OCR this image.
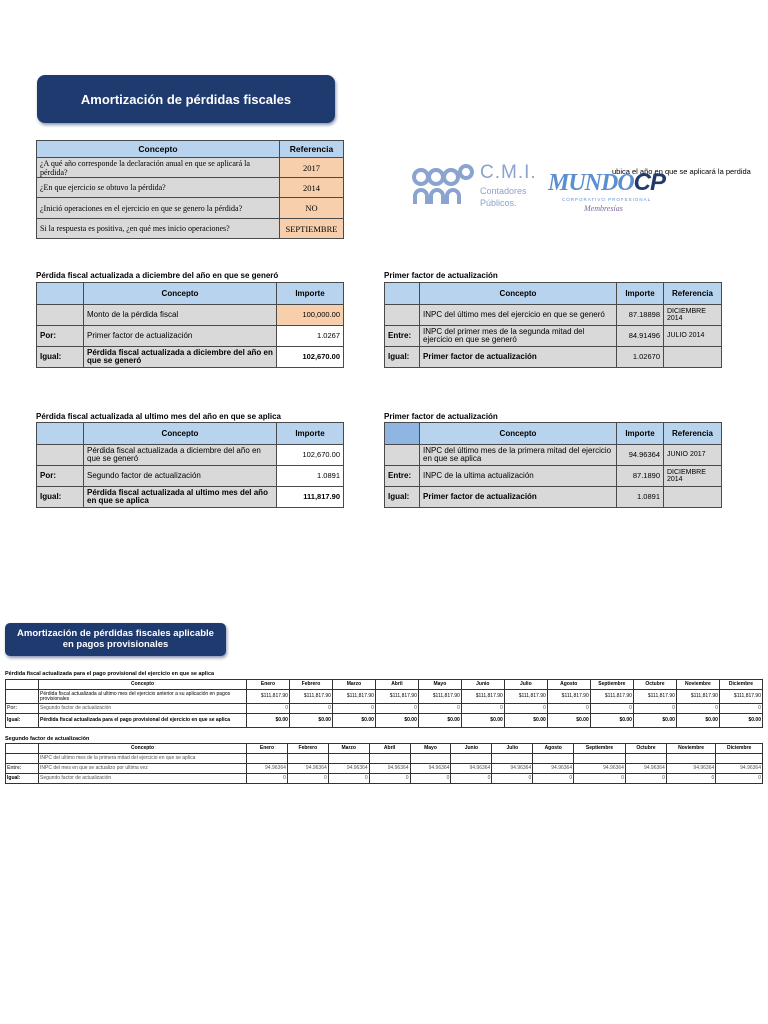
Amortización de pérdidas fiscales
Concepto	Referencia
¿A qué año corresponde la declaración anual en que se aplicará la pérdida?	2017
¿En que ejercicio se obtuvo la pérdida?	2014
¿Inició operaciones en el ejercicio en que se genero la pérdida?	NO
Si la respuesta es positiva, ¿en qué mes inicio operaciones?	SEPTIEMBRE
C.M.I.
Contadores
Públicos.
MUNDOCP
CORPORATIVO PROFESIONAL
Membresías
ubica el año en que se aplicará la perdida
Pérdida fiscal actualizada a diciembre del año en que se generó
	Concepto	Importe
	Monto de la pérdida fiscal	100,000.00
Por:	Primer factor de actualización	1.0267
Igual:	Pérdida fiscal actualizada a diciembre del año en que se generó	102,670.00
Primer factor de actualización
	Concepto	Importe	Referencia
	INPC del último mes del ejercicio en que se generó	87.18898	DICIEMBRE 2014
Entre:	INPC del primer mes de la segunda mitad del ejercicio en que se generó	84.91496	JULIO 2014
Igual:	Primer factor de actualización	1.02670	
Pérdida fiscal actualizada al ultimo mes del año en que se aplica
	Concepto	Importe
	Pérdida fiscal actualizada a diciembre del año en que se generó	102,670.00
Por:	Segundo factor de actualización	1.0891
Igual:	Pérdida fiscal actualizada al ultimo mes del año en que se aplica	111,817.90
Primer factor de actualización
	Concepto	Importe	Referencia
	INPC del último mes de la primera mitad del ejercicio en que se aplica	94.96364	JUNIO 2017
Entre:	INPC de la ultima actualización	87.1890	DICIEMBRE 2014
Igual:	Primer factor de actualización	1.0891	
Amortización de pérdidas fiscales aplicable
en pagos provisionales
Pérdida fiscal actualizada para el pago provisional del ejercicio en que se aplica
	Concepto	Enero	Febrero	Marzo	Abril	Mayo	Junio	Julio	Agosto	Septiembre	Octubre	Noviembre	Diciembre
	Pérdida fiscal actualizada al ultimo mes del ejercicio anterior a su aplicación en pagos provisionales	$111,817.90	$111,817.90	$111,817.90	$111,817.90	$111,817.90	$111,817.90	$111,817.90	$111,817.90	$111,817.90	$111,817.90	$111,817.90	$111,817.90
Por:	Segundo factor de actualización	0	0	0	0	0	0	0	0	0	0	0	0
Igual:	Pérdida fiscal actualizada para el pago provisional del ejercicio en que se aplica	$0.00	$0.00	$0.00	$0.00	$0.00	$0.00	$0.00	$0.00	$0.00	$0.00	$0.00	$0.00
Segundo factor de actualización
	Concepto	Enero	Febrero	Marzo	Abril	Mayo	Junio	Julio	Agosto	Septiembre	Octubre	Noviembre	Diciembre
	INPC del ultimo mes de la primera mitad del ejercicio en que se aplica												
Entre:	INPC del mes en que se actualizo por ultima vez	94.96364	94.96364	94.96364	94.96364	94.96364	94.96364	94.96364	94.96364	94.96364	94.96364	94.96364	94.96364
Igual:	Segundo factor de actualización	0	0	0	0	0	0	0	0	0	0	0	0
